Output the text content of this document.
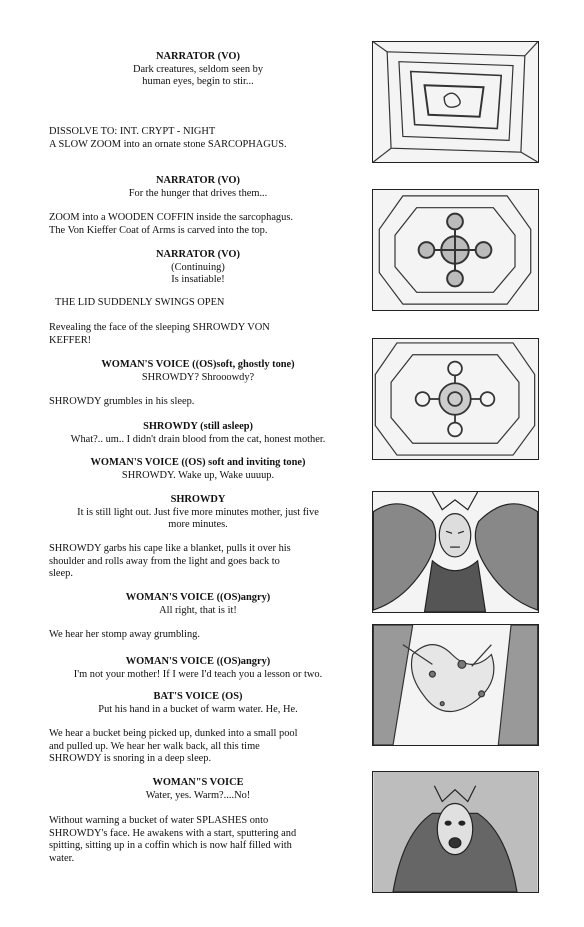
NARRATOR (VO)
Dark creatures, seldom seen by
human eyes, begin to stir...
DISSOLVE TO: INT. CRYPT - NIGHT
A SLOW ZOOM into an ornate stone SARCOPHAGUS.
NARRATOR (VO)
For the hunger that drives them...
ZOOM into a WOODEN COFFIN inside the sarcophagus.
The Von Kieffer Coat of Arms is carved into the top.
NARRATOR (VO)
(Continuing)
Is insatiable!
THE LID SUDDENLY SWINGS OPEN
Revealing the face of the sleeping SHROWDY VON
KEFFER!
WOMAN'S VOICE ((OS)soft, ghostly tone)
SHROWDY? Shrooowdy?
SHROWDY grumbles in his sleep.
SHROWDY (still asleep)
What?.. um.. I didn't drain blood from the cat, honest mother.
WOMAN'S VOICE ((OS) soft and inviting tone)
SHROWDY. Wake up, Wake uuuup.
SHROWDY
It is still light out. Just five more minutes mother, just five
more minutes.
SHROWDY garbs his cape like a blanket, pulls it over his
shoulder and rolls away from the light and goes back to
sleep.
WOMAN'S VOICE ((OS)angry)
All right, that is it!
We hear her stomp away grumbling.
WOMAN'S VOICE ((OS)angry)
I'm not your mother! If I were I'd teach you a lesson or two.
BAT'S VOICE (OS)
Put his hand in a bucket of warm water. He, He.
We hear a bucket being picked up, dunked into a small pool
and pulled up. We hear her walk back, all this time
SHROWDY is snoring in a deep sleep.
WOMAN"S VOICE
Water, yes. Warm?....No!
Without warning a bucket of water SPLASHES onto
SHROWDY's face. He awakens with a start, sputtering and
spitting, sitting up in a coffin which is now half filled with
water.
